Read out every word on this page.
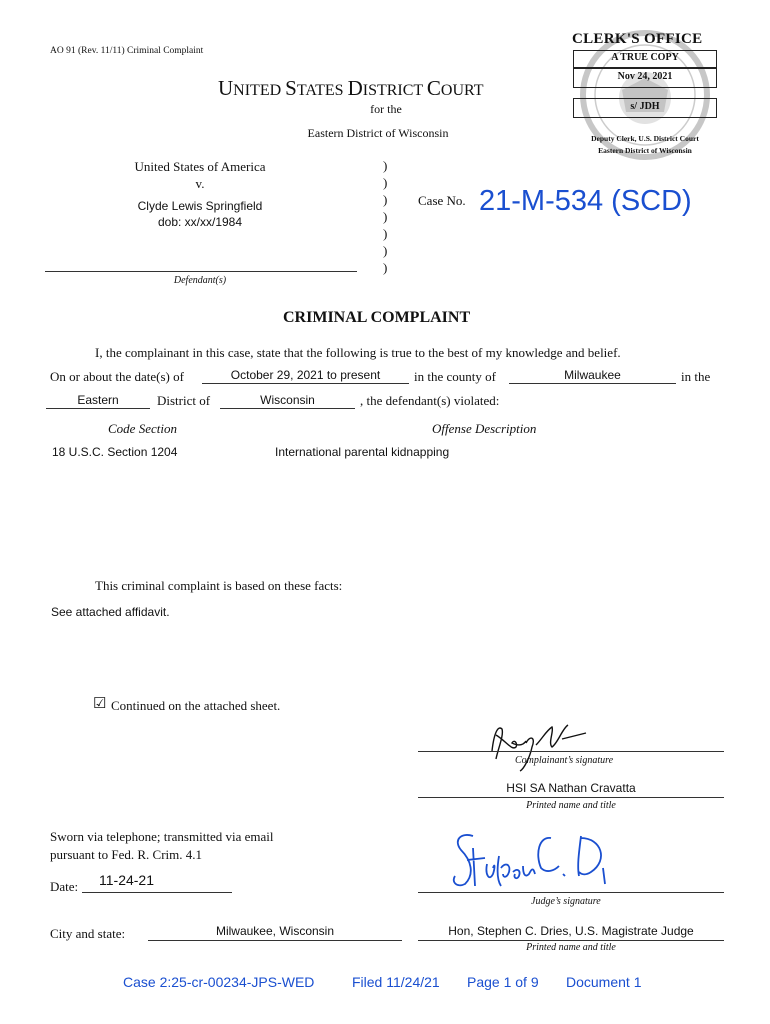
AO 91 (Rev. 11/11) Criminal Complaint
CLERK'S OFFICE
A TRUE COPY
Nov 24, 2021
s/ JDH
Deputy Clerk, U.S. District Court
Eastern District of Wisconsin
UNITED STATES DISTRICT COURT
for the
Eastern District of Wisconsin
United States of America
v.
Clyde Lewis Springfield
dob: xx/xx/1984
Defendant(s)
)
)
)
)
)
)
)
Case No. 21-M-534 (SCD)
CRIMINAL COMPLAINT
I, the complainant in this case, state that the following is true to the best of my knowledge and belief.
On or about the date(s) of	October 29, 2021 to present	in the county of	Milwaukee	in the
Eastern	District of	Wisconsin	, the defendant(s) violated:
Code Section	Offense Description
18 U.S.C. Section 1204	International parental kidnapping
This criminal complaint is based on these facts:
See attached affidavit.
☑ Continued on the attached sheet.
Complainant’s signature
HSI SA Nathan Cravatta
Printed name and title
Sworn via telephone; transmitted via email
pursuant to Fed. R. Crim. 4.1
Judge’s signature
Date: 11-24-21
City and state:	Milwaukee, Wisconsin	Hon, Stephen C. Dries, U.S. Magistrate Judge
Printed name and title
Case 2:25-cr-00234-JPS-WED	Filed 11/24/21 Page 1 of 9 Document 1
